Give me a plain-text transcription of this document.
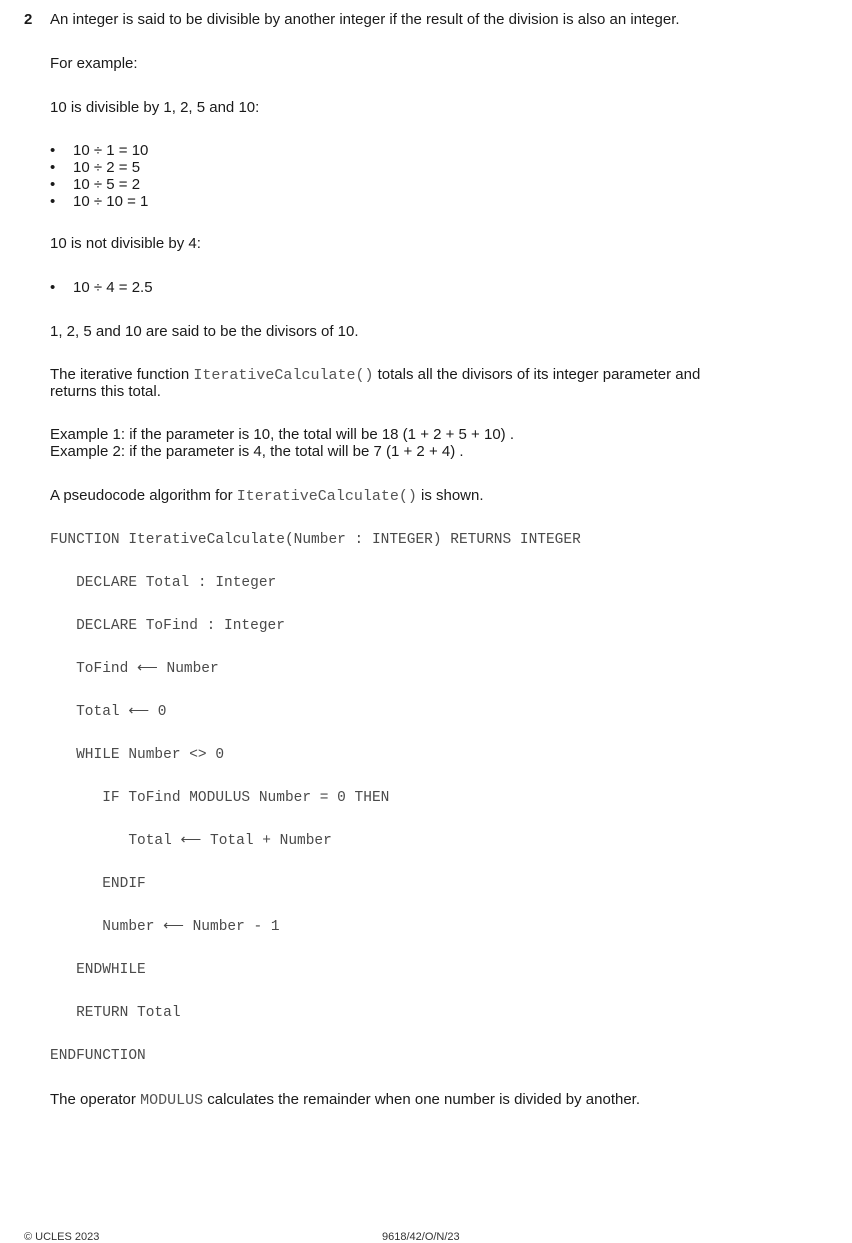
2 An integer is said to be divisible by another integer if the result of the division is also an integer.
For example:
10 is divisible by 1, 2, 5 and 10:
• 10 ÷ 1 = 10
• 10 ÷ 2 = 5
• 10 ÷ 5 = 2
• 10 ÷ 10 = 1
10 is not divisible by 4:
• 10 ÷ 4 = 2.5
1, 2, 5 and 10 are said to be the divisors of 10.
The iterative function IterativeCalculate() totals all the divisors of its integer parameter and
returns this total.
Example 1: if the parameter is 10, the total will be 18 (1 + 2 + 5 + 10) .
Example 2: if the parameter is 4, the total will be 7 (1 + 2 + 4) .
A pseudocode algorithm for IterativeCalculate() is shown.
FUNCTION IterativeCalculate(Number : INTEGER) RETURNS INTEGER
DECLARE Total : Integer
DECLARE ToFind : Integer
ToFind ⟵ Number
Total ⟵ 0
WHILE Number <> 0
IF ToFind MODULUS Number = 0 THEN
Total ⟵ Total + Number
ENDIF
Number ⟵ Number - 1
ENDWHILE
RETURN Total
ENDFUNCTION
The operator MODULUS calculates the remainder when one number is divided by another.
© UCLES 2023	9618/42/O/N/23
